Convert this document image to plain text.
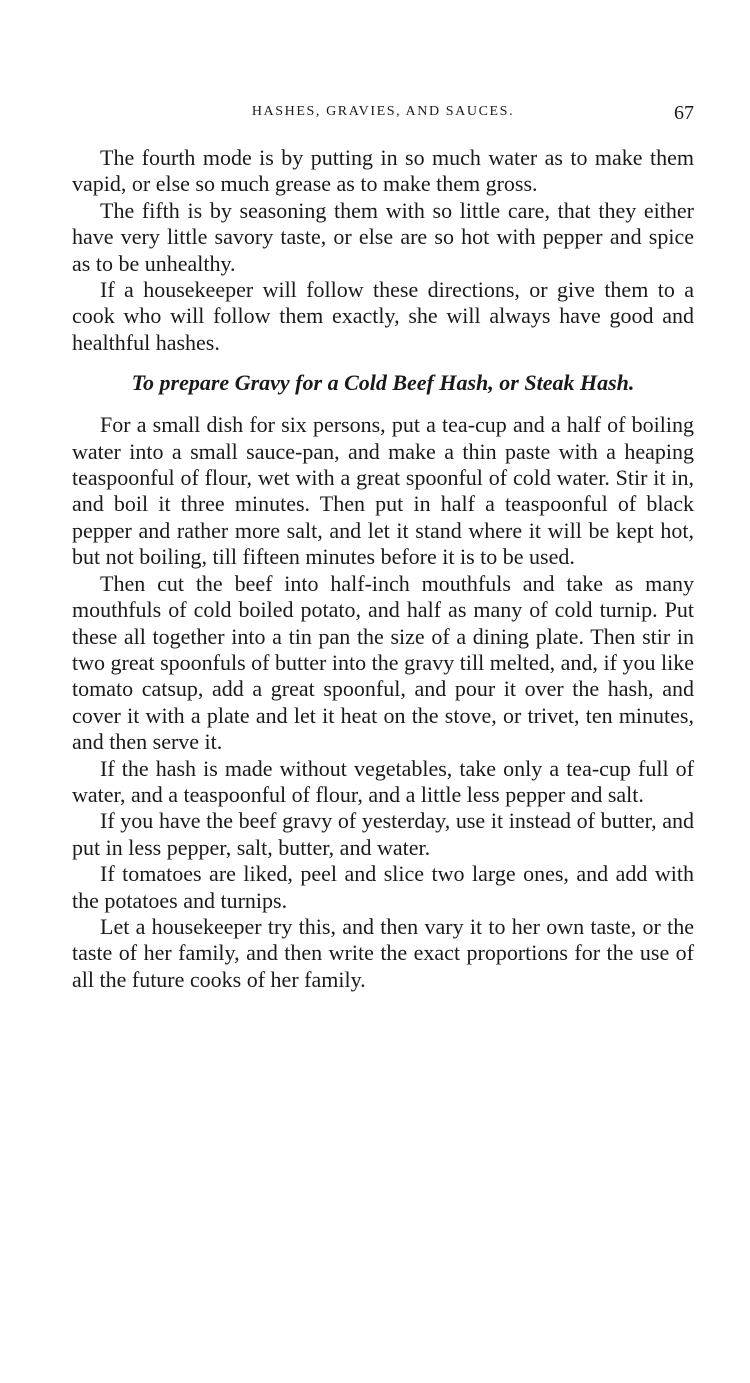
HASHES, GRAVIES, AND SAUCES.	67

The fourth mode is by putting in so much water as to make them vapid, or else so much grease as to make them gross.

The fifth is by seasoning them with so little care, that they either have very little savory taste, or else are so hot with pepper and spice as to be unhealthy.

If a housekeeper will follow these directions, or give them to a cook who will follow them exactly, she will always have good and healthful hashes.

To prepare Gravy for a Cold Beef Hash, or Steak Hash.

For a small dish for six persons, put a tea-cup and a half of boiling water into a small sauce-pan, and make a thin paste with a heaping teaspoonful of flour, wet with a great spoonful of cold water. Stir it in, and boil it three minutes. Then put in half a teaspoonful of black pepper and rather more salt, and let it stand where it will be kept hot, but not boiling, till fifteen minutes before it is to be used.

Then cut the beef into half-inch mouthfuls and take as many mouthfuls of cold boiled potato, and half as many of cold turnip. Put these all together into a tin pan the size of a dining plate. Then stir in two great spoonfuls of butter into the gravy till melted, and, if you like tomato catsup, add a great spoonful, and pour it over the hash, and cover it with a plate and let it heat on the stove, or trivet, ten minutes, and then serve it.

If the hash is made without vegetables, take only a tea-cup full of water, and a teaspoonful of flour, and a little less pepper and salt.

If you have the beef gravy of yesterday, use it instead of butter, and put in less pepper, salt, butter, and water.

If tomatoes are liked, peel and slice two large ones, and add with the potatoes and turnips.

Let a housekeeper try this, and then vary it to her own taste, or the taste of her family, and then write the exact proportions for the use of all the future cooks of her family.
